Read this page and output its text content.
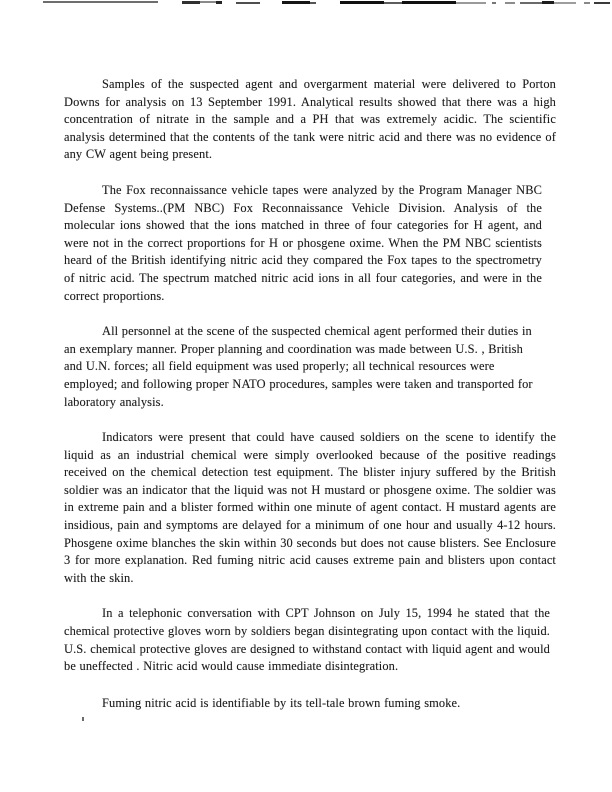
Samples of the suspected agent and overgarment material were delivered to Porton Downs for analysis on 13 September 1991. Analytical results showed that there was a high concentration of nitrate in the sample and a PH that was extremely acidic. The scientific analysis determined that the contents of the tank were nitric acid and there was no evidence of any CW agent being present.

The Fox reconnaissance vehicle tapes were analyzed by the Program Manager NBC Defense Systems..(PM NBC) Fox Reconnaissance Vehicle Division. Analysis of the molecular ions showed that the ions matched in three of four categories for H agent, and were not in the correct proportions for H or phosgene oxime. When the PM NBC scientists heard of the British identifying nitric acid they compared the Fox tapes to the spectrometry of nitric acid. The spectrum matched nitric acid ions in all four categories, and were in the correct proportions.

All personnel at the scene of the suspected chemical agent performed their duties in an exemplary manner. Proper planning and coordination was made between U.S. , British and U.N. forces; all field equipment was used properly; all technical resources were employed; and following proper NATO procedures, samples were taken and transported for laboratory analysis.

Indicators were present that could have caused soldiers on the scene to identify the liquid as an industrial chemical were simply overlooked because of the positive readings received on the chemical detection test equipment. The blister injury suffered by the British soldier was an indicator that the liquid was not H mustard or phosgene oxime. The soldier was in extreme pain and a blister formed within one minute of agent contact. H mustard agents are insidious, pain and symptoms are delayed for a minimum of one hour and usually 4-12 hours. Phosgene oxime blanches the skin within 30 seconds but does not cause blisters. See Enclosure 3 for more explanation. Red fuming nitric acid causes extreme pain and blisters upon contact with the skin.

In a telephonic conversation with CPT Johnson on July 15, 1994 he stated that the chemical protective gloves worn by soldiers began disintegrating upon contact with the liquid. U.S. chemical protective gloves are designed to withstand contact with liquid agent and would be uneffected . Nitric acid would cause immediate disintegration.

Fuming nitric acid is identifiable by its tell-tale brown fuming smoke.
